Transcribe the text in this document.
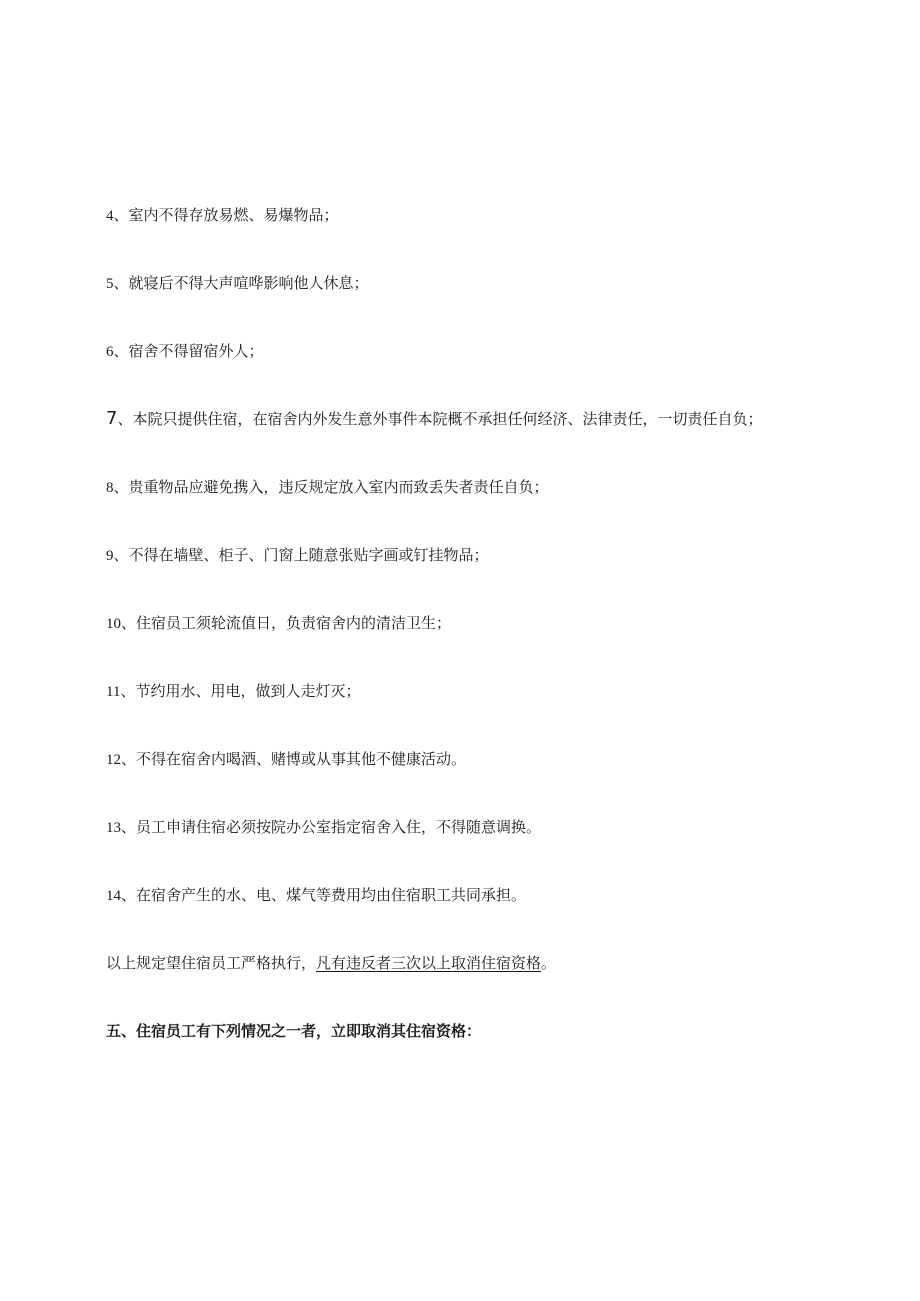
4、室内不得存放易燃、易爆物品；
5、就寝后不得大声喧哗影响他人休息；
6、宿舍不得留宿外人；
7、本院只提供住宿，在宿舍内外发生意外事件本院概不承担任何经济、法律责任，一切责任自负；
8、贵重物品应避免携入，违反规定放入室内而致丢失者责任自负；
9、不得在墙壁、柜子、门窗上随意张贴字画或钉挂物品；
10、住宿员工须轮流值日，负责宿舍内的清洁卫生；
11、节约用水、用电，做到人走灯灭；
12、不得在宿舍内喝酒、赌博或从事其他不健康活动。
13、员工申请住宿必须按院办公室指定宿舍入住，不得随意调换。
14、在宿舍产生的水、电、煤气等费用均由住宿职工共同承担。
以上规定望住宿员工严格执行，凡有违反者三次以上取消住宿资格。
五、住宿员工有下列情况之一者，立即取消其住宿资格：
